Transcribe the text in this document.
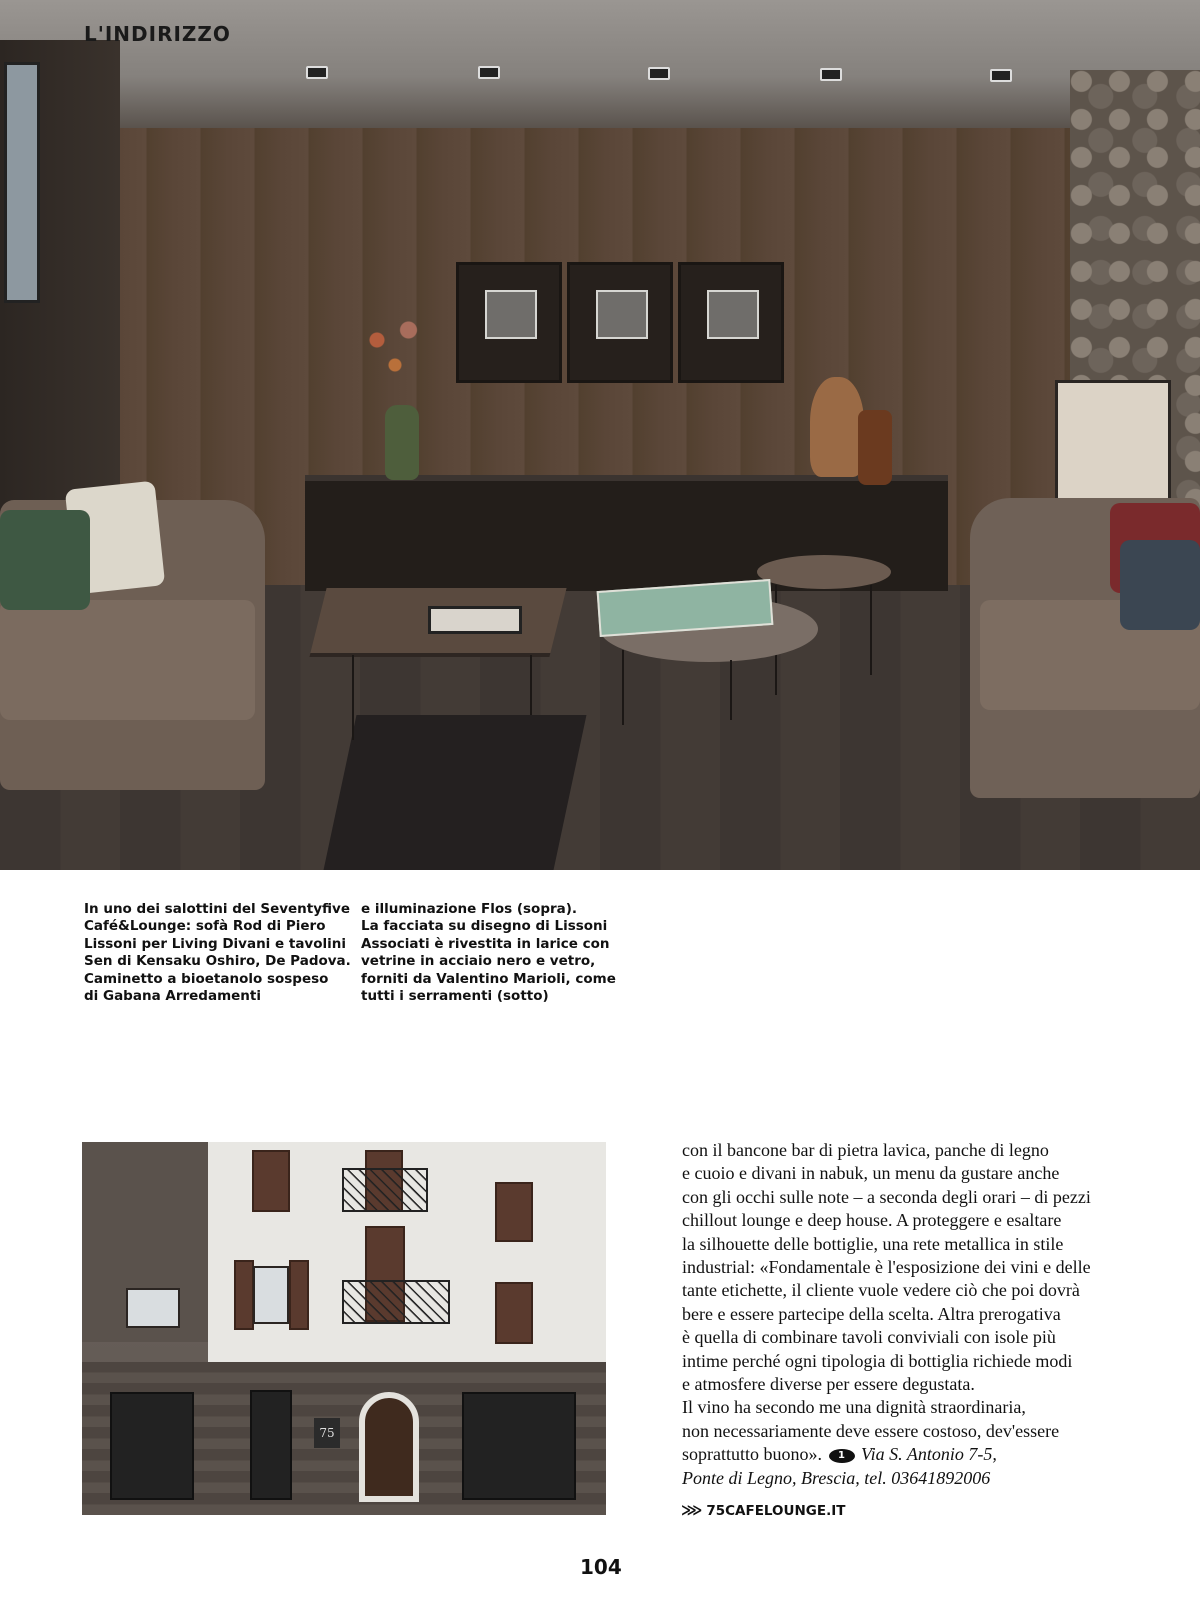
L'INDIRIZZO

In uno dei salottini del Seventyfive
Café&Lounge: sofà Rod di Piero
Lissoni per Living Divani e tavolini
Sen di Kensaku Oshiro, De Padova.
Caminetto a bioetanolo sospeso
di Gabana Arredamenti

e illuminazione Flos (sopra).
La facciata su disegno di Lissoni
Associati è rivestita in larice con
vetrine in acciaio nero e vetro,
forniti da Valentino Marioli, come
tutti i serramenti (sotto)

75
con il bancone bar di pietra lavica, panche di legno
e cuoio e divani in nabuk, un menu da gustare anche
con gli occhi sulle note – a seconda degli orari – di pezzi
chillout lounge e deep house. A proteggere e esaltare
la silhouette delle bottiglie, una rete metallica in stile
industrial: «Fondamentale è l'esposizione dei vini e delle
tante etichette, il cliente vuole vedere ciò che poi dovrà
bere e essere partecipe della scelta. Altra prerogativa
è quella di combinare tavoli conviviali con isole più
intime perché ogni tipologia di bottiglia richiede modi
e atmosfere diverse per essere degustata.
Il vino ha secondo me una dignità straordinaria,
non necessariamente deve essere costoso, dev'essere
soprattutto buono». 1 Via S. Antonio 7-5,
Ponte di Legno, Brescia, tel. 03641892006
⋙ 75CAFELOUNGE.IT
104
